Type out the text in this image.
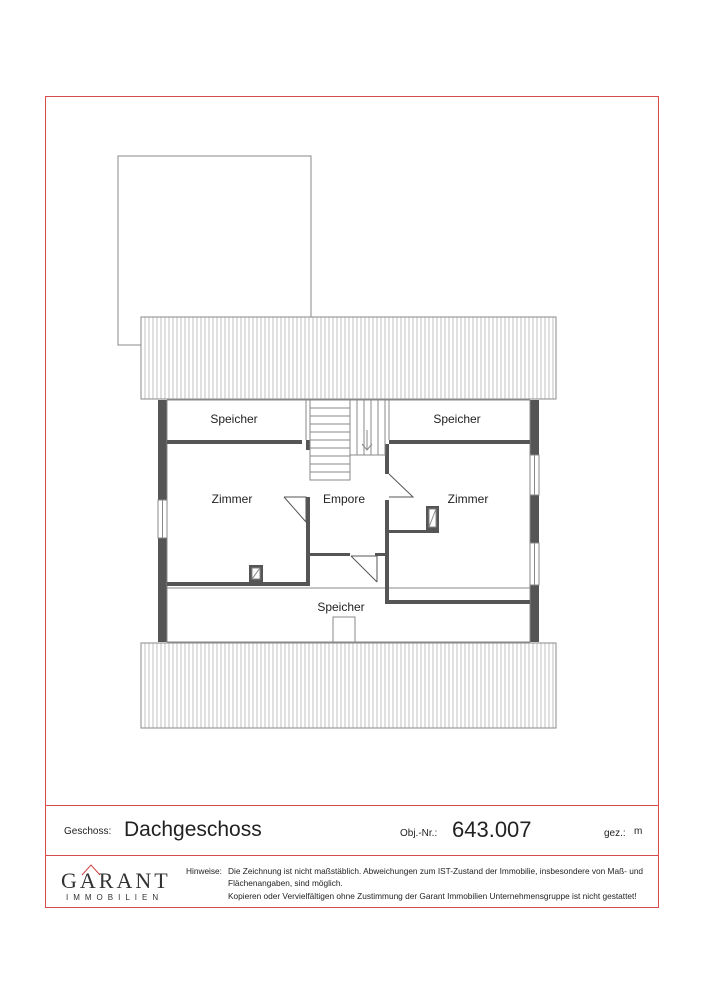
Speicher	Speicher
Zimmer	Empore	Zimmer
Speicher
Geschoss: Dachgeschoss	Obj.-Nr.: 643.007	gez.: m
GARANT
IMMOBILIEN
Hinweise: Die Zeichnung ist nicht maßstäblich. Abweichungen zum IST-Zustand der Immobilie, insbesondere von Maß- und
Flächenangaben, sind möglich.
Kopieren oder Vervielfältigen ohne Zustimmung der Garant Immobilien Unternehmensgruppe ist nicht gestattet!
